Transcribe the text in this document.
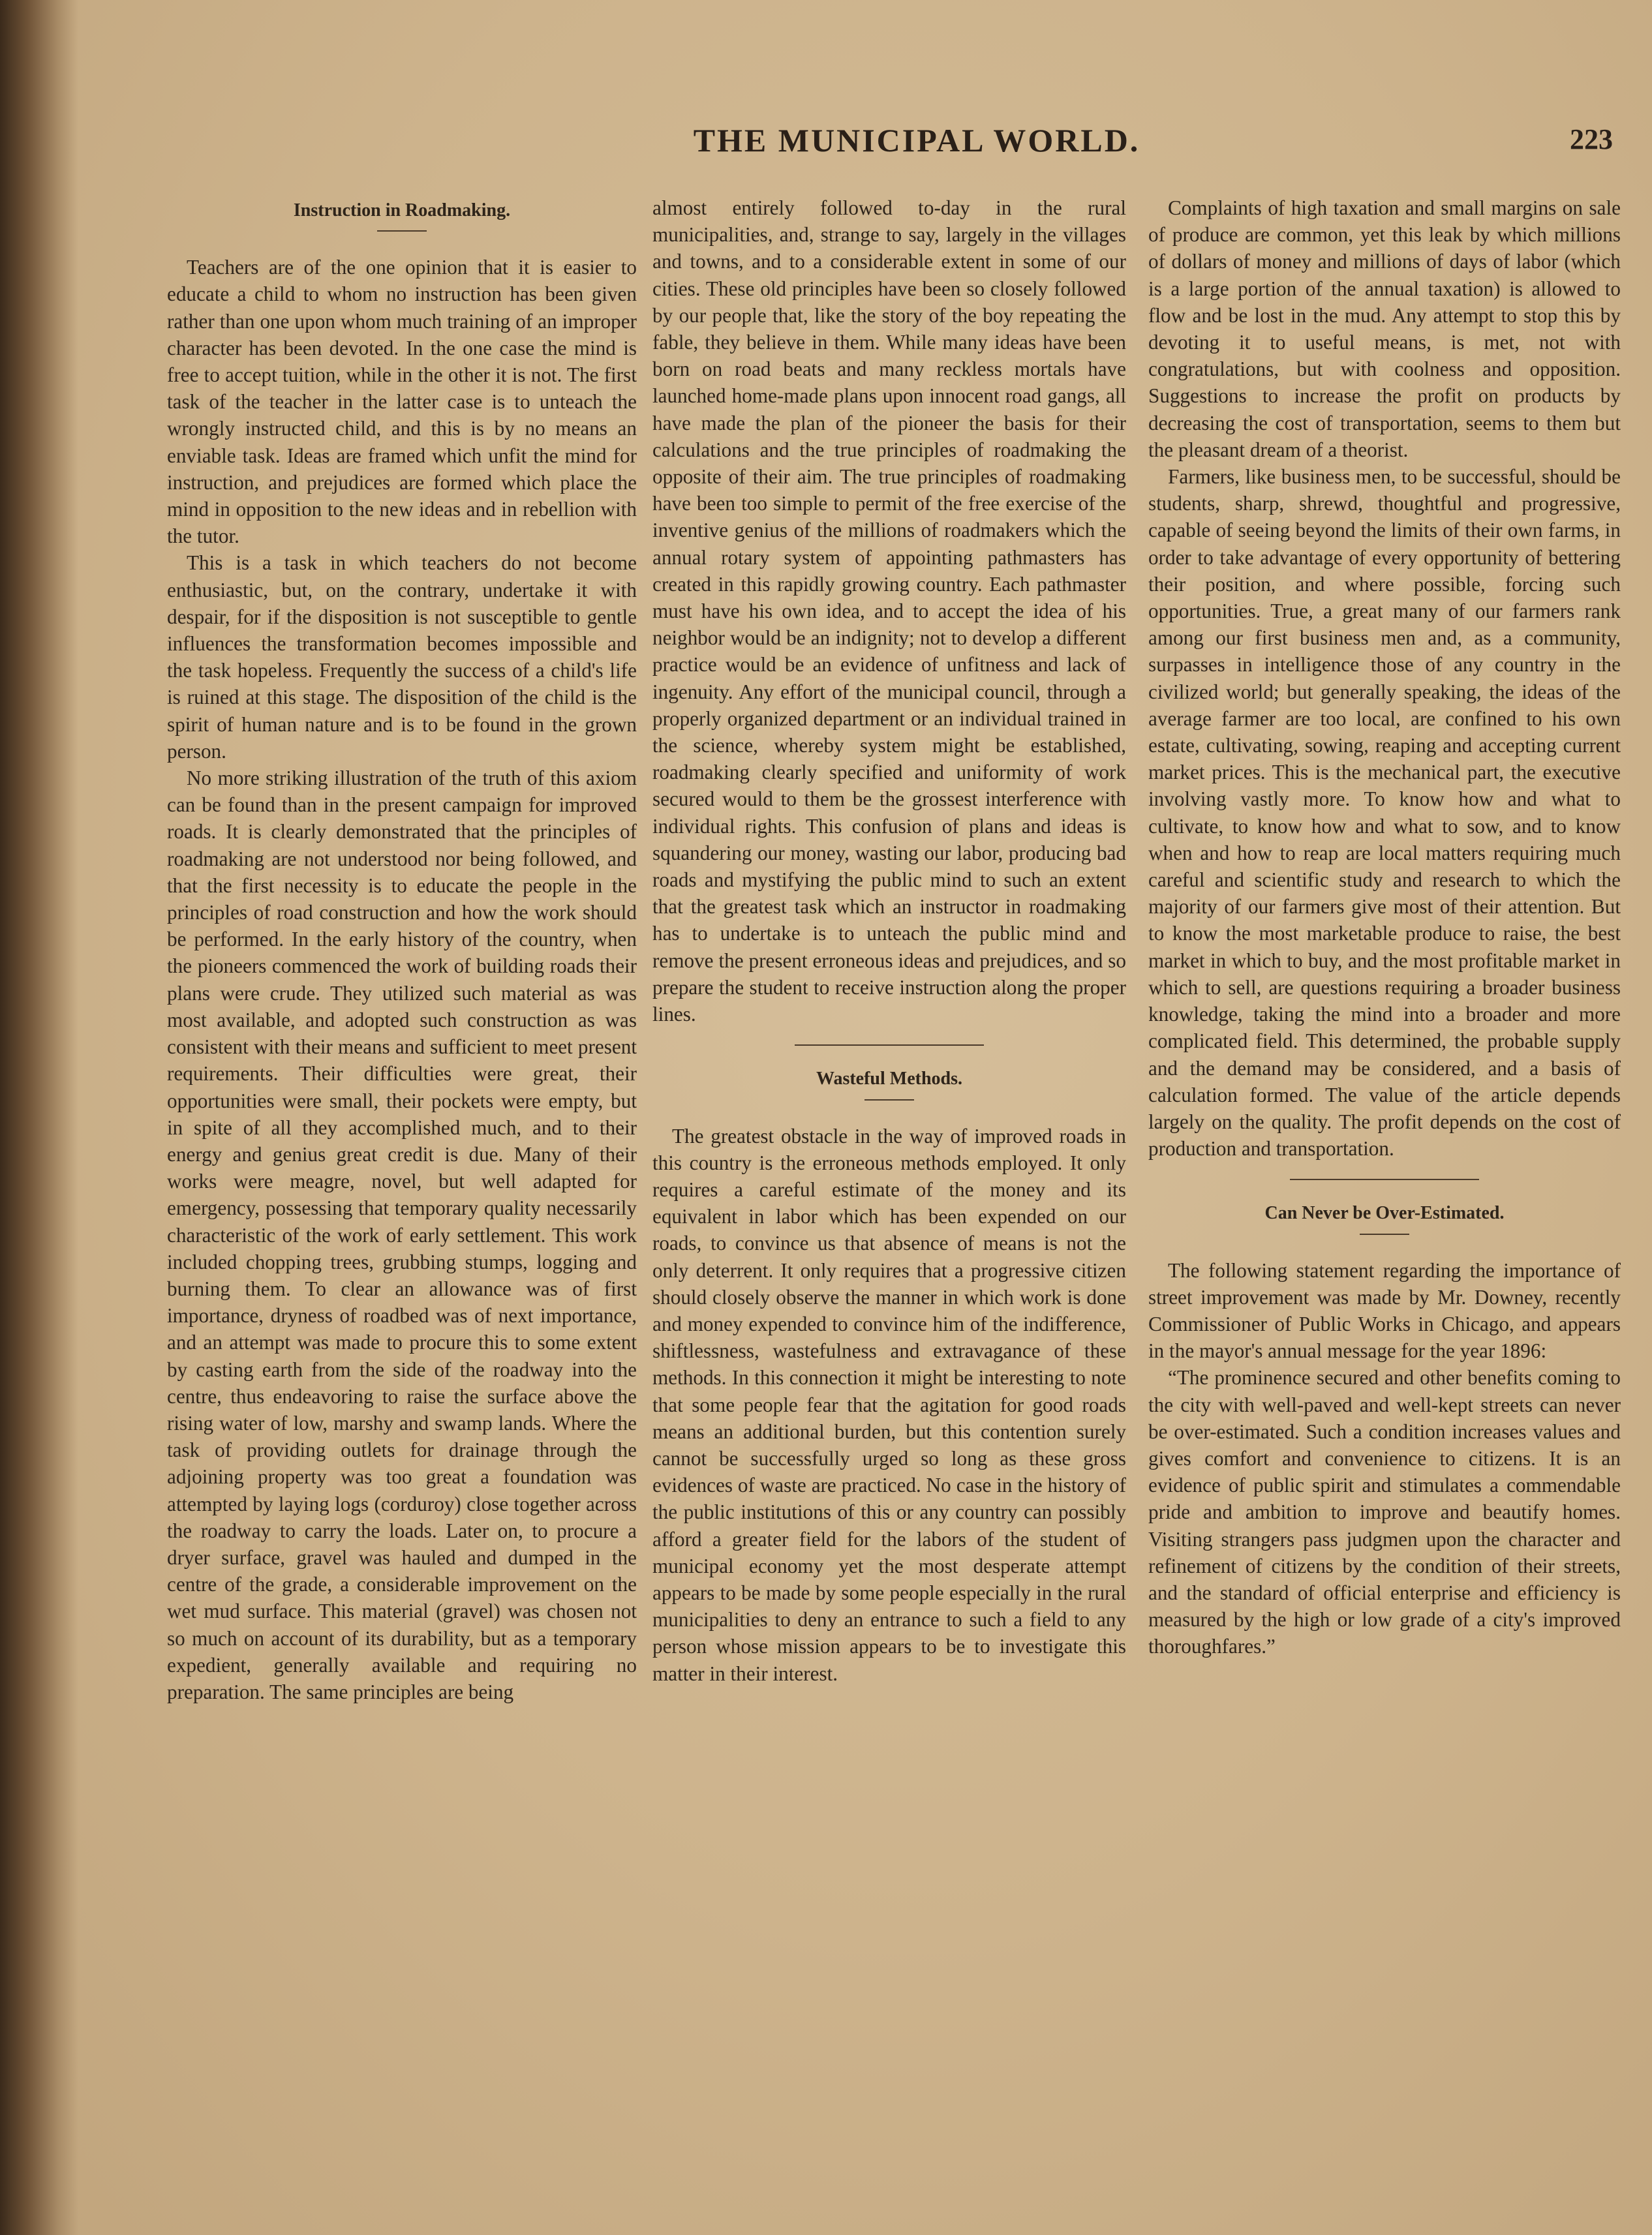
THE MUNICIPAL WORLD.	223
Instruction in Roadmaking.

Teachers are of the one opinion that it is easier to educate a child to whom no instruction has been given rather than one upon whom much training of an improper character has been devoted. In the one case the mind is free to accept tuition, while in the other it is not. The first task of the teacher in the latter case is to unteach the wrongly instructed child, and this is by no means an enviable task. Ideas are framed which unfit the mind for instruction, and prejudices are formed which place the mind in opposition to the new ideas and in rebellion with the tutor.

This is a task in which teachers do not become enthusiastic, but, on the contrary, undertake it with despair, for if the disposition is not susceptible to gentle influences the transformation becomes impossible and the task hopeless. Frequently the success of a child's life is ruined at this stage. The disposition of the child is the spirit of human nature and is to be found in the grown person.

No more striking illustration of the truth of this axiom can be found than in the present campaign for improved roads. It is clearly demonstrated that the principles of roadmaking are not understood nor being followed, and that the first necessity is to educate the people in the principles of road construction and how the work should be performed. In the early history of the country, when the pioneers commenced the work of building roads their plans were crude. They utilized such material as was most available, and adopted such construction as was consistent with their means and sufficient to meet present requirements. Their difficulties were great, their opportunities were small, their pockets were empty, but in spite of all they accomplished much, and to their energy and genius great credit is due. Many of their works were meagre, novel, but well adapted for emergency, possessing that temporary quality necessarily characteristic of the work of early settlement. This work included chopping trees, grubbing stumps, logging and burning them. To clear an allowance was of first importance, dryness of roadbed was of next importance, and an attempt was made to procure this to some extent by casting earth from the side of the roadway into the centre, thus endeavoring to raise the surface above the rising water of low, marshy and swamp lands. Where the task of providing outlets for drainage through the adjoining property was too great a foundation was attempted by laying logs (corduroy) close together across the roadway to carry the loads. Later on, to procure a dryer surface, gravel was hauled and dumped in the centre of the grade, a considerable improvement on the wet mud surface. This material (gravel) was chosen not so much on account of its durability, but as a temporary expedient, generally available and requiring no preparation. The same principles are being

almost entirely followed to-day in the rural municipalities, and, strange to say, largely in the villages and towns, and to a considerable extent in some of our cities. These old principles have been so closely followed by our people that, like the story of the boy repeating the fable, they believe in them. While many ideas have been born on road beats and many reckless mortals have launched home-made plans upon innocent road gangs, all have made the plan of the pioneer the basis for their calculations and the true principles of roadmaking the opposite of their aim. The true principles of roadmaking have been too simple to permit of the free exercise of the inventive genius of the millions of roadmakers which the annual rotary system of appointing pathmasters has created in this rapidly growing country. Each pathmaster must have his own idea, and to accept the idea of his neighbor would be an indignity; not to develop a different practice would be an evidence of unfitness and lack of ingenuity. Any effort of the municipal council, through a properly organized department or an individual trained in the science, whereby system might be established, roadmaking clearly specified and uniformity of work secured would to them be the grossest interference with individual rights. This confusion of plans and ideas is squandering our money, wasting our labor, producing bad roads and mystifying the public mind to such an extent that the greatest task which an instructor in roadmaking has to undertake is to unteach the public mind and remove the present erroneous ideas and prejudices, and so prepare the student to receive instruction along the proper lines.

Wasteful Methods.

The greatest obstacle in the way of improved roads in this country is the erroneous methods employed. It only requires a careful estimate of the money and its equivalent in labor which has been expended on our roads, to convince us that absence of means is not the only deterrent. It only requires that a progressive citizen should closely observe the manner in which work is done and money expended to convince him of the indifference, shiftlessness, wastefulness and extravagance of these methods. In this connection it might be interesting to note that some people fear that the agitation for good roads means an additional burden, but this contention surely cannot be successfully urged so long as these gross evidences of waste are practiced. No case in the history of the public institutions of this or any country can possibly afford a greater field for the labors of the student of municipal economy yet the most desperate attempt appears to be made by some people especially in the rural municipalities to deny an entrance to such a field to any person whose mission appears to be to investigate this matter in their interest.

Complaints of high taxation and small margins on sale of produce are common, yet this leak by which millions of dollars of money and millions of days of labor (which is a large portion of the annual taxation) is allowed to flow and be lost in the mud. Any attempt to stop this by devoting it to useful means, is met, not with congratulations, but with coolness and opposition. Suggestions to increase the profit on products by decreasing the cost of transportation, seems to them but the pleasant dream of a theorist.

Farmers, like business men, to be successful, should be students, sharp, shrewd, thoughtful and progressive, capable of seeing beyond the limits of their own farms, in order to take advantage of every opportunity of bettering their position, and where possible, forcing such opportunities. True, a great many of our farmers rank among our first business men and, as a community, surpasses in intelligence those of any country in the civilized world; but generally speaking, the ideas of the average farmer are too local, are confined to his own estate, cultivating, sowing, reaping and accepting current market prices. This is the mechanical part, the executive involving vastly more. To know how and what to cultivate, to know how and what to sow, and to know when and how to reap are local matters requiring much careful and scientific study and research to which the majority of our farmers give most of their attention. But to know the most marketable produce to raise, the best market in which to buy, and the most profitable market in which to sell, are questions requiring a broader business knowledge, taking the mind into a broader and more complicated field. This determined, the probable supply and the demand may be considered, and a basis of calculation formed. The value of the article depends largely on the quality. The profit depends on the cost of production and transportation.

Can Never be Over-Estimated.

The following statement regarding the importance of street improvement was made by Mr. Downey, recently Commissioner of Public Works in Chicago, and appears in the mayor's annual message for the year 1896:

“The prominence secured and other benefits coming to the city with well-paved and well-kept streets can never be over-estimated. Such a condition increases values and gives comfort and convenience to citizens. It is an evidence of public spirit and stimulates a commendable pride and ambition to improve and beautify homes. Visiting strangers pass judgmen upon the character and refinement of citizens by the condition of their streets, and the standard of official enterprise and efficiency is measured by the high or low grade of a city's improved thoroughfares.”
